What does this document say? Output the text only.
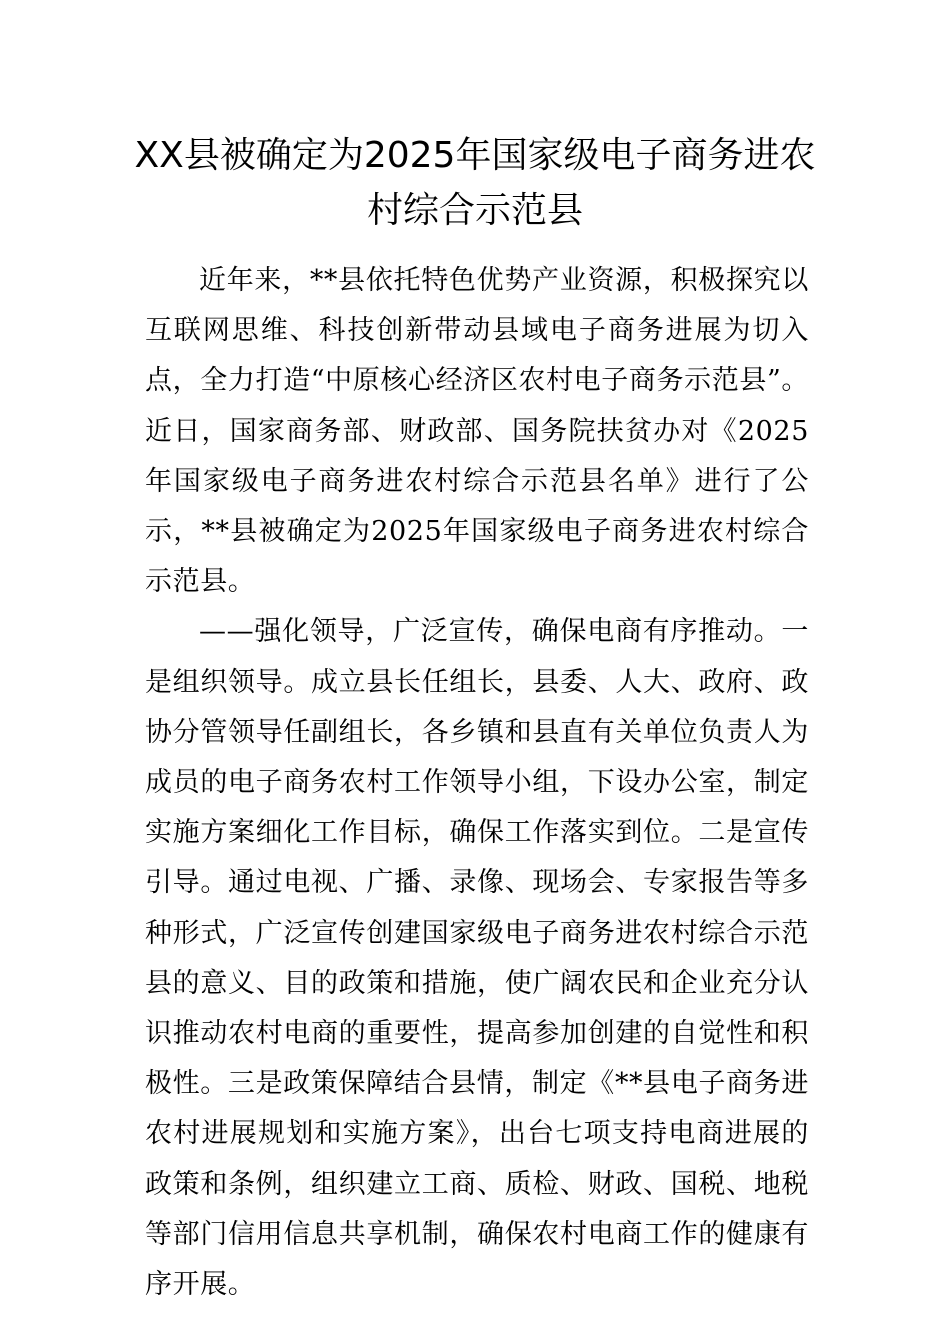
XX县被确定为2025年国家级电子商务进农村综合示范县

近年来，**县依托特色优势产业资源，积极探究以互联网思维、科技创新带动县域电子商务进展为切入点，全力打造“中原核心经济区农村电子商务示范县”。近日，国家商务部、财政部、国务院扶贫办对《2025年国家级电子商务进农村综合示范县名单》进行了公示，**县被确定为2025年国家级电子商务进农村综合示范县。

——强化领导，广泛宣传，确保电商有序推动。一是组织领导。成立县长任组长，县委、人大、政府、政协分管领导任副组长，各乡镇和县直有关单位负责人为成员的电子商务农村工作领导小组，下设办公室，制定实施方案细化工作目标，确保工作落实到位。二是宣传引导。通过电视、广播、录像、现场会、专家报告等多种形式，广泛宣传创建国家级电子商务进农村综合示范县的意义、目的政策和措施，使广阔农民和企业充分认识推动农村电商的重要性，提高参加创建的自觉性和积极性。三是政策保障结合县情，制定《**县电子商务进农村进展规划和实施方案》，出台七项支持电商进展的政策和条例，组织建立工商、质检、财政、国税、地税等部门信用信息共享机制，确保农村电商工作的健康有序开展。
